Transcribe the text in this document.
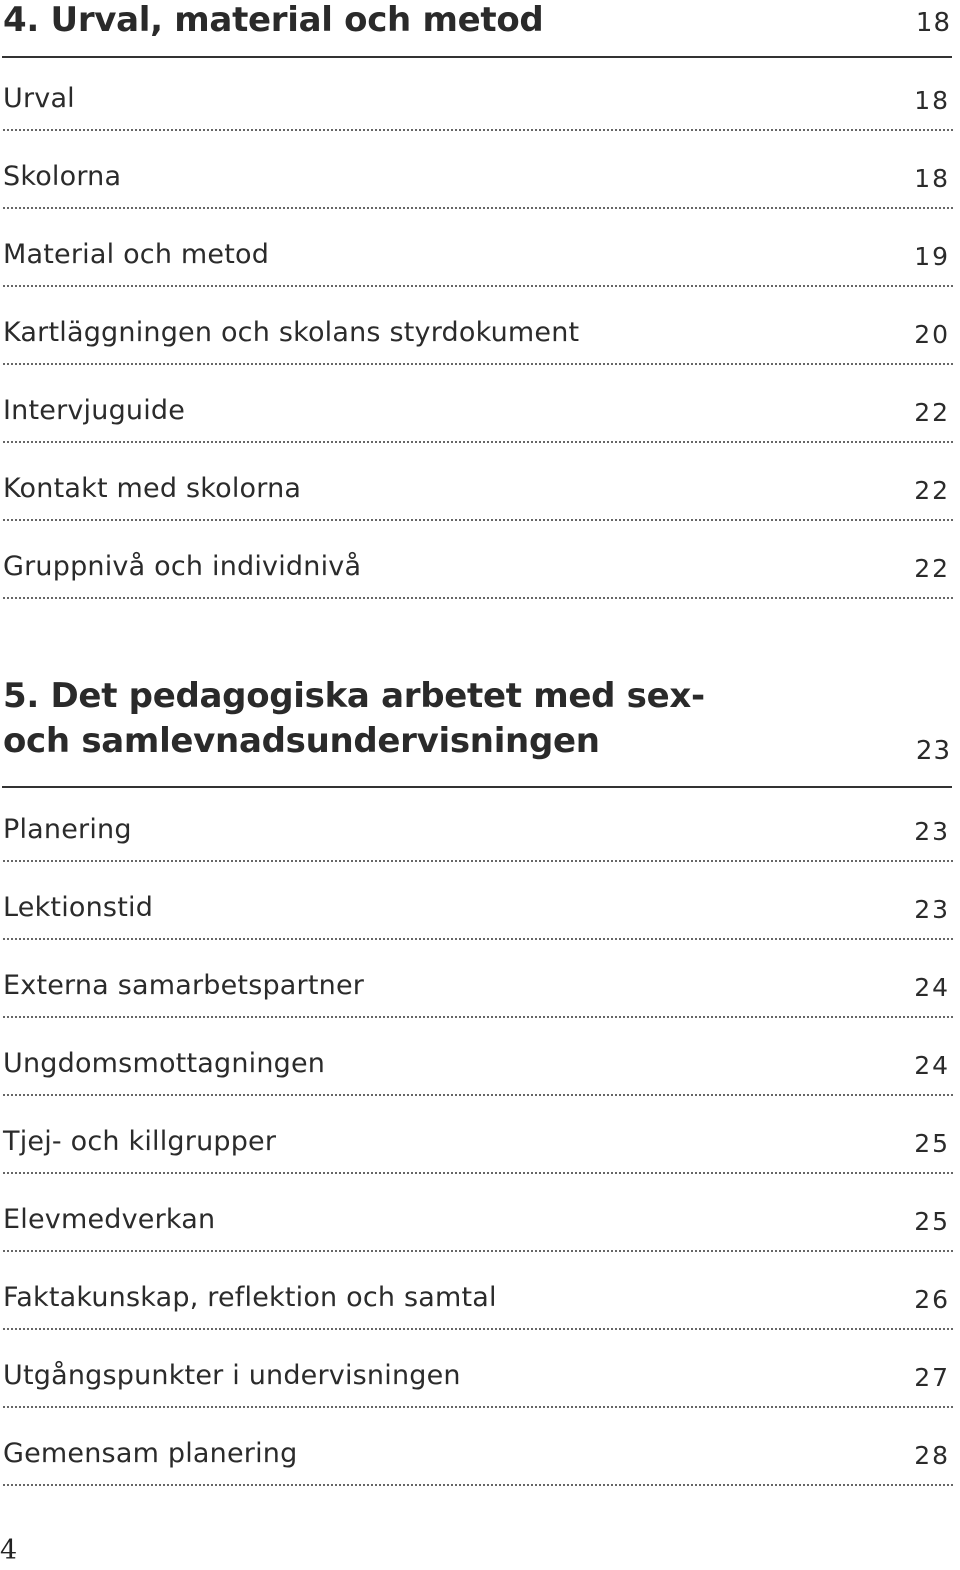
4. Urval, material och metod	18
Urval	18
Skolorna	18
Material och metod	19
Kartläggningen och skolans styrdokument	20
Intervjuguide	22
Kontakt med skolorna	22
Gruppnivå och individnivå	22
5. Det pedagogiska arbetet med sex-
och samlevnadsundervisningen	23
Planering	23
Lektionstid	23
Externa samarbetspartner	24
Ungdomsmottagningen	24
Tjej- och killgrupper	25
Elevmedverkan	25
Faktakunskap, reflektion och samtal	26
Utgångspunkter i undervisningen	27
Gemensam planering	28
4
